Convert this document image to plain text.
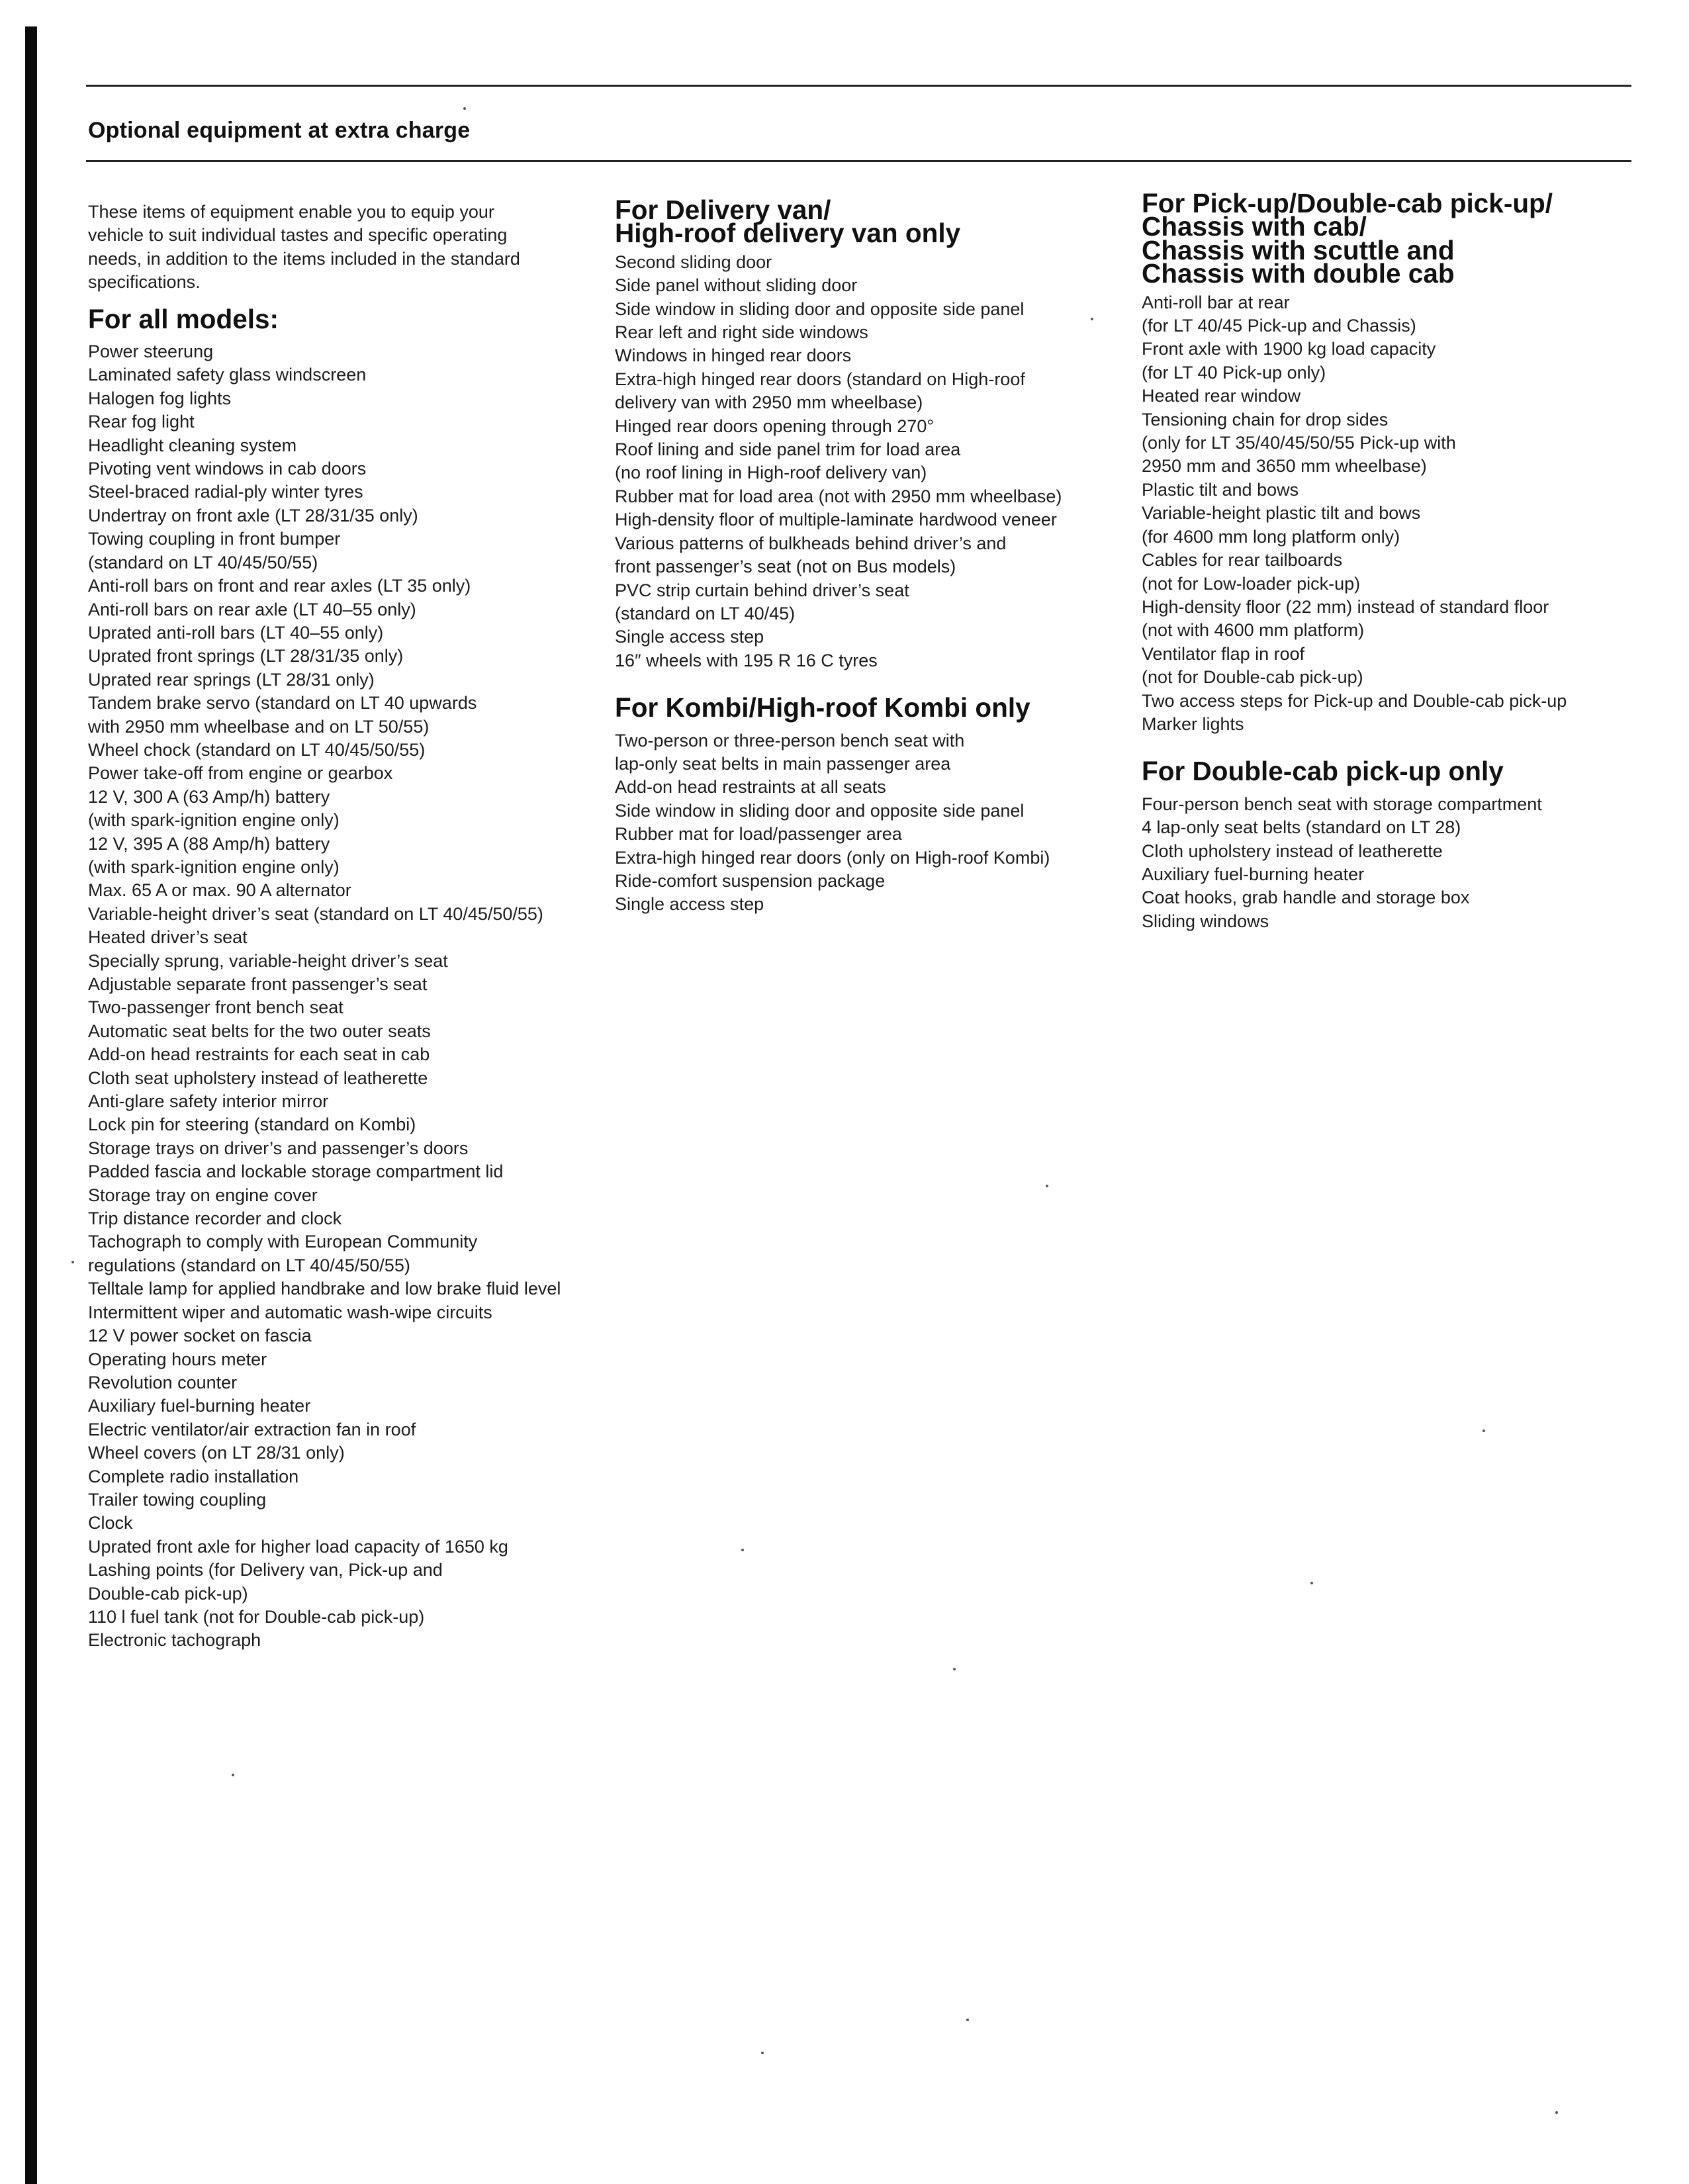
Optional equipment at extra charge

These items of equipment enable you to equip your
vehicle to suit individual tastes and specific operating
needs, in addition to the items included in the standard
specifications.

For all models:
Power steerung
Laminated safety glass windscreen
Halogen fog lights
Rear fog light
Headlight cleaning system
Pivoting vent windows in cab doors
Steel-braced radial-ply winter tyres
Undertray on front axle (LT 28/31/35 only)
Towing coupling in front bumper
(standard on LT 40/45/50/55)
Anti-roll bars on front and rear axles (LT 35 only)
Anti-roll bars on rear axle (LT 40–55 only)
Uprated anti-roll bars (LT 40–55 only)
Uprated front springs (LT 28/31/35 only)
Uprated rear springs (LT 28/31 only)
Tandem brake servo (standard on LT 40 upwards
with 2950 mm wheelbase and on LT 50/55)
Wheel chock (standard on LT 40/45/50/55)
Power take-off from engine or gearbox
12 V, 300 A (63 Amp/h) battery
(with spark-ignition engine only)
12 V, 395 A (88 Amp/h) battery
(with spark-ignition engine only)
Max. 65 A or max. 90 A alternator
Variable-height driver’s seat (standard on LT 40/45/50/55)
Heated driver’s seat
Specially sprung, variable-height driver’s seat
Adjustable separate front passenger’s seat
Two-passenger front bench seat
Automatic seat belts for the two outer seats
Add-on head restraints for each seat in cab
Cloth seat upholstery instead of leatherette
Anti-glare safety interior mirror
Lock pin for steering (standard on Kombi)
Storage trays on driver’s and passenger’s doors
Padded fascia and lockable storage compartment lid
Storage tray on engine cover
Trip distance recorder and clock
Tachograph to comply with European Community
regulations (standard on LT 40/45/50/55)
Telltale lamp for applied handbrake and low brake fluid level
Intermittent wiper and automatic wash-wipe circuits
12 V power socket on fascia
Operating hours meter
Revolution counter
Auxiliary fuel-burning heater
Electric ventilator/air extraction fan in roof
Wheel covers (on LT 28/31 only)
Complete radio installation
Trailer towing coupling
Clock
Uprated front axle for higher load capacity of 1650 kg
Lashing points (for Delivery van, Pick-up and
Double-cab pick-up)
110 l fuel tank (not for Double-cab pick-up)
Electronic tachograph
For Delivery van/
High-roof delivery van only
Second sliding door
Side panel without sliding door
Side window in sliding door and opposite side panel
Rear left and right side windows
Windows in hinged rear doors
Extra-high hinged rear doors (standard on High-roof
delivery van with 2950 mm wheelbase)
Hinged rear doors opening through 270°
Roof lining and side panel trim for load area
(no roof lining in High-roof delivery van)
Rubber mat for load area (not with 2950 mm wheelbase)
High-density floor of multiple-laminate hardwood veneer
Various patterns of bulkheads behind driver’s and
front passenger’s seat (not on Bus models)
PVC strip curtain behind driver’s seat
(standard on LT 40/45)
Single access step
16″ wheels with 195 R 16 C tyres
For Kombi/High-roof Kombi only
Two-person or three-person bench seat with
lap-only seat belts in main passenger area
Add-on head restraints at all seats
Side window in sliding door and opposite side panel
Rubber mat for load/passenger area
Extra-high hinged rear doors (only on High-roof Kombi)
Ride-comfort suspension package
Single access step
For Pick-up/Double-cab pick-up/
Chassis with cab/
Chassis with scuttle and
Chassis with double cab
Anti-roll bar at rear
(for LT 40/45 Pick-up and Chassis)
Front axle with 1900 kg load capacity
(for LT 40 Pick-up only)
Heated rear window
Tensioning chain for drop sides
(only for LT 35/40/45/50/55 Pick-up with
2950 mm and 3650 mm wheelbase)
Plastic tilt and bows
Variable-height plastic tilt and bows
(for 4600 mm long platform only)
Cables for rear tailboards
(not for Low-loader pick-up)
High-density floor (22 mm) instead of standard floor
(not with 4600 mm platform)
Ventilator flap in roof
(not for Double-cab pick-up)
Two access steps for Pick-up and Double-cab pick-up
Marker lights
For Double-cab pick-up only
Four-person bench seat with storage compartment
4 lap-only seat belts (standard on LT 28)
Cloth upholstery instead of leatherette
Auxiliary fuel-burning heater
Coat hooks, grab handle and storage box
Sliding windows
